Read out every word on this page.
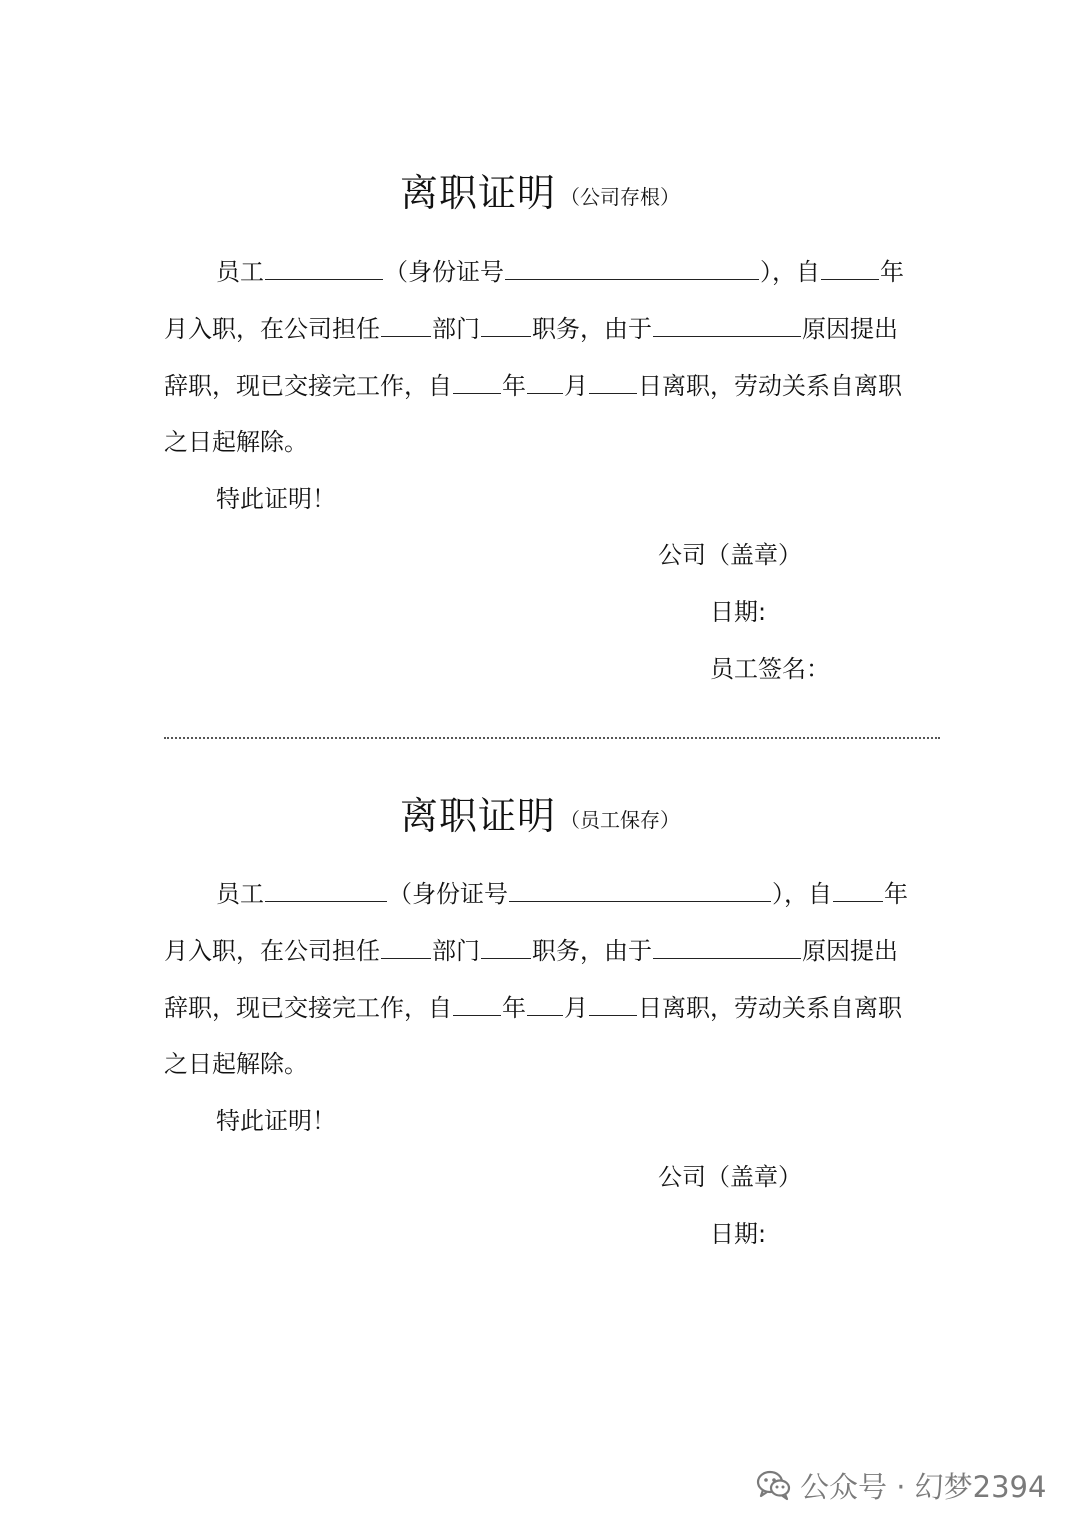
离职证明 （公司存根）
员工	（身份证号	），自	年
月入职，在公司担任 部门 职务，由于	原因提出
辞职，现已交接完工作，自 年 月 日离职，劳动关系自离职
之日起解除。
特此证明！
公司（盖章）
日期:
员工签名：
离职证明 （员工保存）
员工	（身份证号	），自 年
月入职，在公司担任 部门 职务，由于	原因提出
辞职，现已交接完工作，自 年 月 日离职，劳动关系自离职
之日起解除。
特此证明！
公司（盖章）
日期:
公众号 · 幻梦2394
